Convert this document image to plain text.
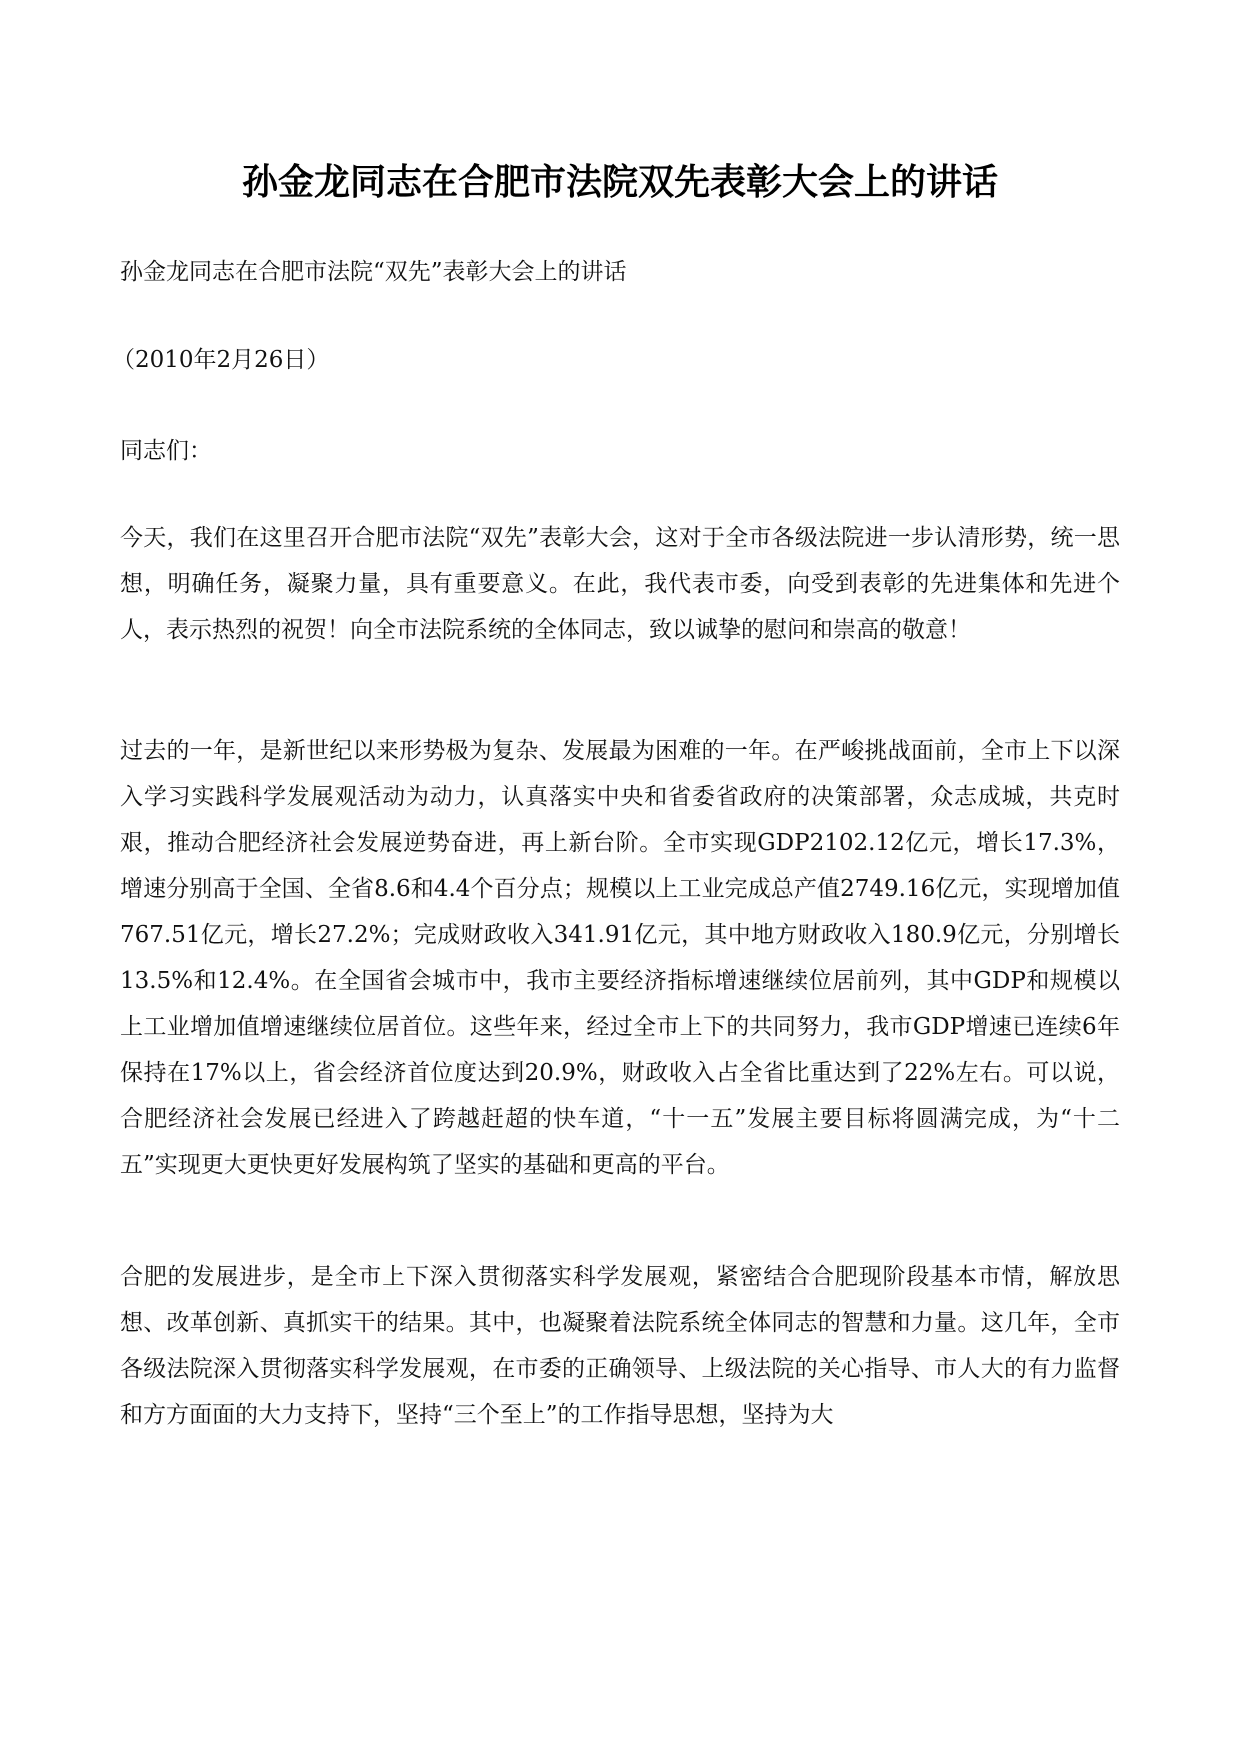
孙金龙同志在合肥市法院双先表彰大会上的讲话
孙金龙同志在合肥市法院“双先”表彰大会上的讲话
（2010年2月26日）
同志们：
今天，我们在这里召开合肥市法院“双先”表彰大会，这对于全市各级法院进一步认清形势，统一思想，明确任务，凝聚力量，具有重要意义。在此，我代表市委，向受到表彰的先进集体和先进个人，表示热烈的祝贺！向全市法院系统的全体同志，致以诚挚的慰问和崇高的敬意！
过去的一年，是新世纪以来形势极为复杂、发展最为困难的一年。在严峻挑战面前，全市上下以深入学习实践科学发展观活动为动力，认真落实中央和省委省政府的决策部署，众志成城，共克时艰，推动合肥经济社会发展逆势奋进，再上新台阶。全市实现GDP2102.12亿元，增长17.3%，增速分别高于全国、全省8.6和4.4个百分点；规模以上工业完成总产值2749.16亿元，实现增加值767.51亿元，增长27.2%；完成财政收入341.91亿元，其中地方财政收入180.9亿元，分别增长13.5%和12.4%。在全国省会城市中，我市主要经济指标增速继续位居前列，其中GDP和规模以上工业增加值增速继续位居首位。这些年来，经过全市上下的共同努力，我市GDP增速已连续6年保持在17%以上，省会经济首位度达到20.9%，财政收入占全省比重达到了22%左右。可以说，合肥经济社会发展已经进入了跨越赶超的快车道，“十一五”发展主要目标将圆满完成，为“十二五”实现更大更快更好发展构筑了坚实的基础和更高的平台。
合肥的发展进步，是全市上下深入贯彻落实科学发展观，紧密结合合肥现阶段基本市情，解放思想、改革创新、真抓实干的结果。其中，也凝聚着法院系统全体同志的智慧和力量。这几年，全市各级法院深入贯彻落实科学发展观，在市委的正确领导、上级法院的关心指导、市人大的有力监督和方方面面的大力支持下，坚持“三个至上”的工作指导思想，坚持为大
